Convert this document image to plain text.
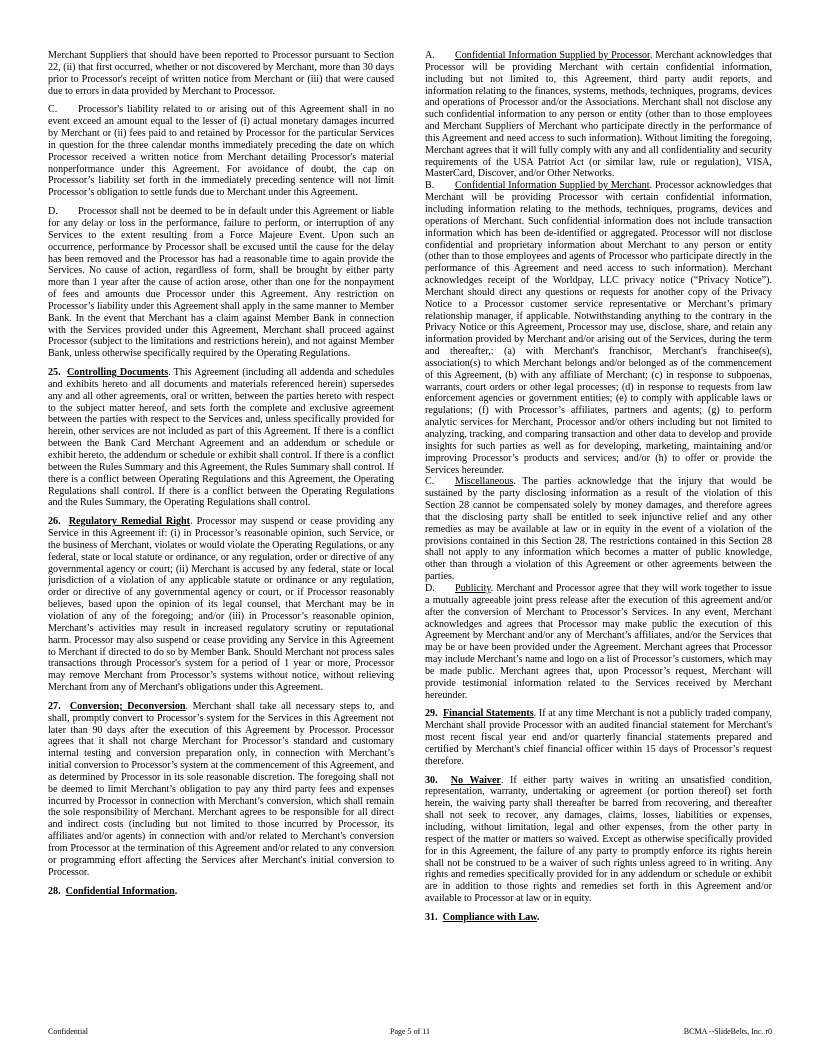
Merchant Suppliers that should have been reported to Processor pursuant to Section 22, (ii) that first occurred, whether or not discovered by Merchant, more than 30 days prior to Processor's receipt of written notice from Merchant or (iii) that were caused due to errors in data provided by Merchant to Processor.

C. Processor's liability related to or arising out of this Agreement shall in no event exceed an amount equal to the lesser of (i) actual monetary damages incurred by Merchant or (ii) fees paid to and retained by Processor for the particular Services in question for the three calendar months immediately preceding the date on which Processor received a written notice from Merchant detailing Processor's material nonperformance under this Agreement. For avoidance of doubt, the cap on Processor’s liability set forth in the immediately preceding sentence will not limit Processor’s obligation to settle funds due to Merchant under this Agreement.

D. Processor shall not be deemed to be in default under this Agreement or liable for any delay or loss in the performance, failure to perform, or interruption of any Services to the extent resulting from a Force Majeure Event. Upon such an occurrence, performance by Processor shall be excused until the cause for the delay has been removed and the Processor has had a reasonable time to again provide the Services. No cause of action, regardless of form, shall be brought by either party more than 1 year after the cause of action arose, other than one for the nonpayment of fees and amounts due Processor under this Agreement. Any restriction on Processor’s liability under this Agreement shall apply in the same manner to Member Bank. In the event that Merchant has a claim against Member Bank in connection with the Services provided under this Agreement, Merchant shall proceed against Processor (subject to the limitations and restrictions herein), and not against Member Bank, unless otherwise specifically required by the Operating Regulations.

25. Controlling Documents. This Agreement (including all addenda and schedules and exhibits hereto and all documents and materials referenced herein) supersedes any and all other agreements, oral or written, between the parties hereto with respect to the subject matter hereof, and sets forth the complete and exclusive agreement between the parties with respect to the Services and, unless specifically provided for herein, other services are not included as part of this Agreement. If there is a conflict between the Bank Card Merchant Agreement and an addendum or schedule or exhibit hereto, the addendum or schedule or exhibit shall control. If there is a conflict between the Rules Summary and this Agreement, the Rules Summary shall control. If there is a conflict between Operating Regulations and this Agreement, the Operating Regulations shall control. If there is a conflict between the Operating Regulations and the Rules Summary, the Operating Regulations shall control.

26. Regulatory Remedial Right. Processor may suspend or cease providing any Service in this Agreement if: (i) in Processor’s reasonable opinion, such Service, or the business of Merchant, violates or would violate the Operating Regulations, or any federal, state or local statute or ordinance, or any regulation, order or directive of any governmental agency or court; (ii) Merchant is accused by any federal, state or local jurisdiction of a violation of any applicable statute or ordinance or any regulation, order or directive of any governmental agency or court, or if Processor reasonably believes, based upon the opinion of its legal counsel, that Merchant may be in violation of any of the foregoing; and/or (iii) in Processor’s reasonable opinion, Merchant’s activities may result in increased regulatory scrutiny or reputational harm. Processor may also suspend or cease providing any Service in this Agreement to Merchant if directed to do so by Member Bank. Should Merchant not process sales transactions through Processor's system for a period of 1 year or more, Processor may remove Merchant from Processor’s systems without notice, without relieving Merchant from any of Merchant's obligations under this Agreement.

27. Conversion; Deconversion. Merchant shall take all necessary steps to, and shall, promptly convert to Processor’s system for the Services in this Agreement not later than 90 days after the execution of this Agreement by Processor. Processor agrees that it shall not charge Merchant for Processor’s standard and customary internal testing and conversion preparation only, in connection with Merchant’s initial conversion to Processor’s system at the commencement of this Agreement, and as determined by Processor in its sole reasonable discretion. The foregoing shall not be deemed to limit Merchant’s obligation to pay any third party fees and expenses incurred by Processor in connection with Merchant’s conversion, which shall remain the sole responsibility of Merchant. Merchant agrees to be responsible for all direct and indirect costs (including but not limited to those incurred by Processor, its affiliates and/or agents) in connection with and/or related to Merchant's conversion from Processor at the termination of this Agreement and/or related to any conversion or programming effort affecting the Services after Merchant's initial conversion to Processor.

28. Confidential Information.

A. Confidential Information Supplied by Processor. Merchant acknowledges that Processor will be providing Merchant with certain confidential information, including but not limited to, this Agreement, third party audit reports, and information relating to the finances, systems, methods, techniques, programs, devices and operations of Processor and/or the Associations. Merchant shall not disclose any such confidential information to any person or entity (other than to those employees and Merchant Suppliers of Merchant who participate directly in the performance of this Agreement and need access to such information). Without limiting the foregoing, Merchant agrees that it will fully comply with any and all confidentiality and security requirements of the USA Patriot Act (or similar law, rule or regulation), VISA, MasterCard, Discover, and/or Other Networks.

B. Confidential Information Supplied by Merchant. Processor acknowledges that Merchant will be providing Processor with certain confidential information, including information relating to the methods, techniques, programs, devices and operations of Merchant. Such confidential information does not include transaction information which has been de-identified or aggregated. Processor will not disclose confidential and proprietary information about Merchant to any person or entity (other than to those employees and agents of Processor who participate directly in the performance of this Agreement and need access to such information). Merchant acknowledges receipt of the Worldpay, LLC privacy notice (“Privacy Notice”). Merchant should direct any questions or requests for another copy of the Privacy Notice to a Processor customer service representative or Merchant’s primary relationship manager, if applicable. Notwithstanding anything to the contrary in the Privacy Notice or this Agreement, Processor may use, disclose, share, and retain any information provided by Merchant and/or arising out of the Services, during the term and thereafter,: (a) with Merchant's franchisor, Merchant's franchisee(s), association(s) to which Merchant belongs and/or belonged as of the commencement of this Agreement, (b) with any affiliate of Merchant; (c) in response to subpoenas, warrants, court orders or other legal processes; (d) in response to requests from law enforcement agencies or government entities; (e) to comply with applicable laws or regulations; (f) with Processor’s affiliates, partners and agents; (g) to perform analytic services for Merchant, Processor and/or others including but not limited to analyzing, tracking, and comparing transaction and other data to develop and provide insights for such parties as well as for developing, marketing, maintaining and/or improving Processor’s products and services; and/or (h) to offer or provide the Services hereunder.

C. Miscellaneous. The parties acknowledge that the injury that would be sustained by the party disclosing information as a result of the violation of this Section 28 cannot be compensated solely by money damages, and therefore agrees that the disclosing party shall be entitled to seek injunctive relief and any other remedies as may be available at law or in equity in the event of a violation of the provisions contained in this Section 28. The restrictions contained in this Section 28 shall not apply to any information which becomes a matter of public knowledge, other than through a violation of this Agreement or other agreements between the parties.

D. Publicity. Merchant and Processor agree that they will work together to issue a mutually agreeable joint press release after the execution of this agreement and/or after the conversion of Merchant to Processor’s Services. In any event, Merchant acknowledges and agrees that Processor may make public the execution of this Agreement by Merchant and/or any of Merchant’s affiliates, and/or the Services that may be or have been provided under the Agreement. Merchant agrees that Processor may include Merchant’s name and logo on a list of Processor’s customers, which may be made public. Merchant agrees that, upon Processor’s request, Merchant will provide testimonial information related to the Services received by Merchant hereunder.

29. Financial Statements. If at any time Merchant is not a publicly traded company, Merchant shall provide Processor with an audited financial statement for Merchant's most recent fiscal year end and/or quarterly financial statements prepared and certified by Merchant's chief financial officer within 15 days of Processor’s request therefore.

30. No Waiver. If either party waives in writing an unsatisfied condition, representation, warranty, undertaking or agreement (or portion thereof) set forth herein, the waiving party shall thereafter be barred from recovering, and thereafter shall not seek to recover, any damages, claims, losses, liabilities or expenses, including, without limitation, legal and other expenses, from the other party in respect of the matter or matters so waived. Except as otherwise specifically provided for in this Agreement, the failure of any party to promptly enforce its rights herein shall not be construed to be a waiver of such rights unless agreed to in writing. Any rights and remedies specifically provided for in any addendum or schedule or exhibit are in addition to those rights and remedies set forth in this Agreement and/or available to Processor at law or in equity.

31. Compliance with Law.

Confidential	Page 5 of 11	BCMA --SlideBelts, Inc. r0
